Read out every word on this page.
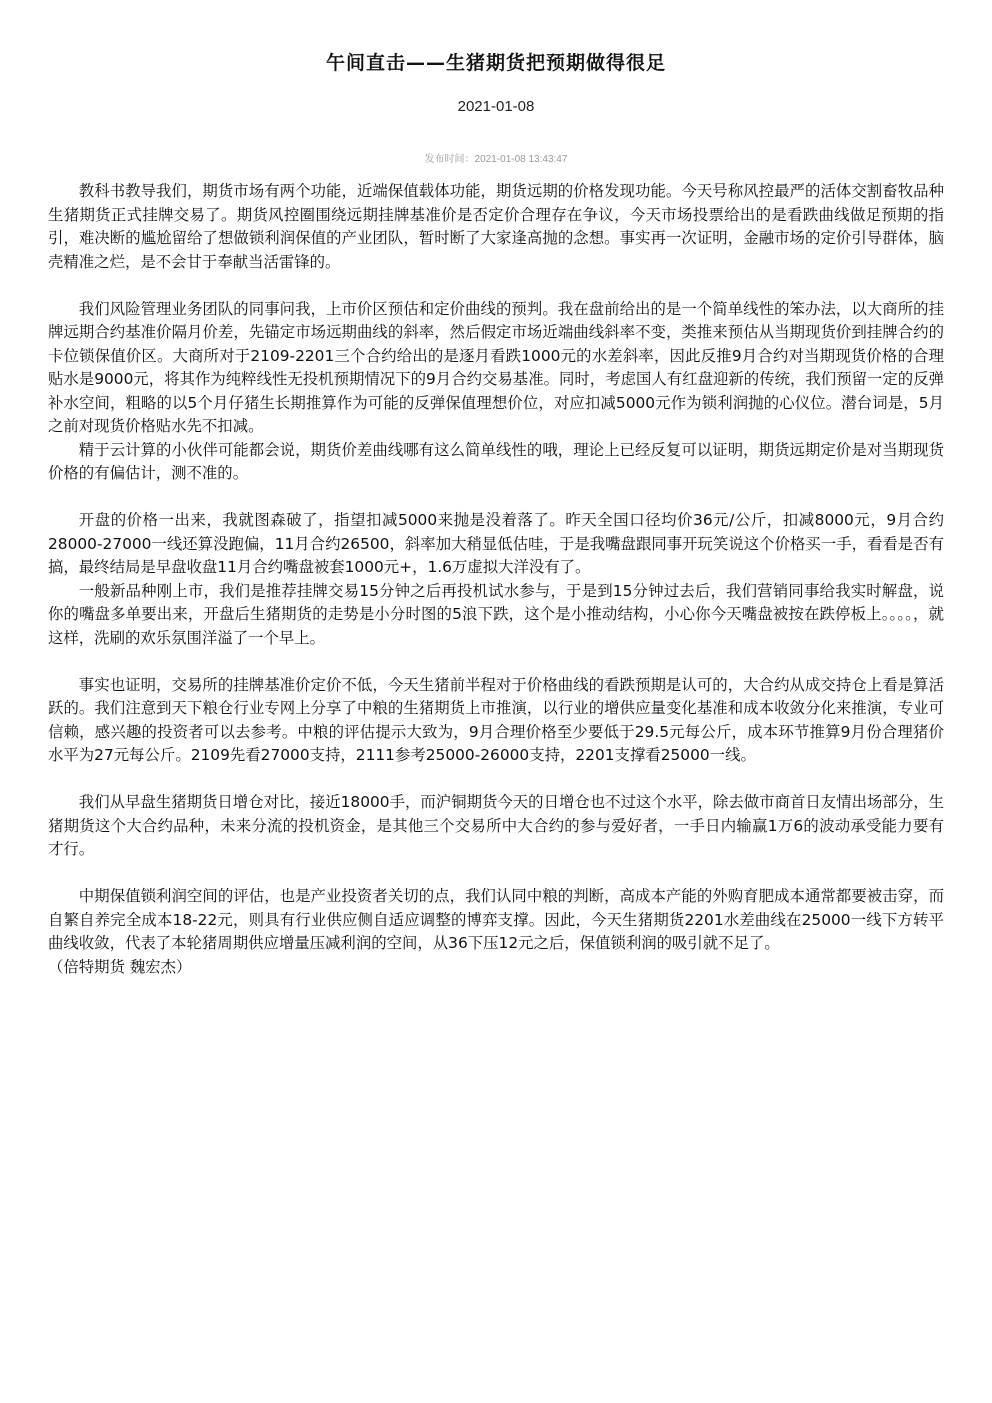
午间直击——生猪期货把预期做得很足
2021-01-08
发布时间：2021-01-08 13:43:47

教科书教导我们，期货市场有两个功能，近端保值载体功能，期货远期的价格发现功能。今天号称风控最严的活体交割畜牧品种生猪期货正式挂牌交易了。期货风控圈围绕远期挂牌基准价是否定价合理存在争议，今天市场投票给出的是看跌曲线做足预期的指引，难决断的尴尬留给了想做锁利润保值的产业团队，暂时断了大家逢高抛的念想。事实再一次证明，金融市场的定价引导群体，脑壳精准之烂，是不会甘于奉献当活雷锋的。

我们风险管理业务团队的同事问我，上市价区预估和定价曲线的预判。我在盘前给出的是一个简单线性的笨办法，以大商所的挂牌远期合约基准价隔月价差，先锚定市场远期曲线的斜率，然后假定市场近端曲线斜率不变，类推来预估从当期现货价到挂牌合约的卡位锁保值价区。大商所对于2109-2201三个合约给出的是逐月看跌1000元的水差斜率，因此反推9月合约对当期现货价格的合理贴水是9000元，将其作为纯粹线性无投机预期情况下的9月合约交易基准。同时，考虑国人有红盘迎新的传统，我们预留一定的反弹补水空间，粗略的以5个月仔猪生长期推算作为可能的反弹保值理想价位，对应扣减5000元作为锁利润抛的心仪位。潜台词是，5月之前对现货价格贴水先不扣减。

精于云计算的小伙伴可能都会说，期货价差曲线哪有这么简单线性的哦，理论上已经反复可以证明，期货远期定价是对当期现货价格的有偏估计，测不准的。

开盘的价格一出来，我就图森破了，指望扣减5000来抛是没着落了。昨天全国口径均价36元/公斤，扣减8000元，9月合约28000-27000一线还算没跑偏，11月合约26500，斜率加大稍显低估哇，于是我嘴盘跟同事开玩笑说这个价格买一手，看看是否有搞，最终结局是早盘收盘11月合约嘴盘被套1000元+，1.6万虚拟大洋没有了。

一般新品种刚上市，我们是推荐挂牌交易15分钟之后再投机试水参与，于是到15分钟过去后，我们营销同事给我实时解盘，说你的嘴盘多单要出来，开盘后生猪期货的走势是小分时图的5浪下跌，这个是小推动结构，小心你今天嘴盘被按在跌停板上。。。。，就这样，洗刷的欢乐氛围洋溢了一个早上。

事实也证明，交易所的挂牌基准价定价不低，今天生猪前半程对于价格曲线的看跌预期是认可的，大合约从成交持仓上看是算活跃的。我们注意到天下粮仓行业专网上分享了中粮的生猪期货上市推演，以行业的增供应量变化基准和成本收敛分化来推演，专业可信赖，感兴趣的投资者可以去参考。中粮的评估提示大致为，9月合理价格至少要低于29.5元每公斤，成本环节推算9月份合理猪价水平为27元每公斤。2109先看27000支持，2111参考25000-26000支持，2201支撑看25000一线。

我们从早盘生猪期货日增仓对比，接近18000手，而沪铜期货今天的日增仓也不过这个水平，除去做市商首日友情出场部分，生猪期货这个大合约品种，未来分流的投机资金，是其他三个交易所中大合约的参与爱好者，一手日内输赢1万6的波动承受能力要有才行。

中期保值锁利润空间的评估，也是产业投资者关切的点，我们认同中粮的判断，高成本产能的外购育肥成本通常都要被击穿，而自繁自养完全成本18-22元，则具有行业供应侧自适应调整的博弈支撑。因此，今天生猪期货2201水差曲线在25000一线下方转平曲线收敛，代表了本轮猪周期供应增量压减利润的空间，从36下压12元之后，保值锁利润的吸引就不足了。

（倍特期货 魏宏杰）
